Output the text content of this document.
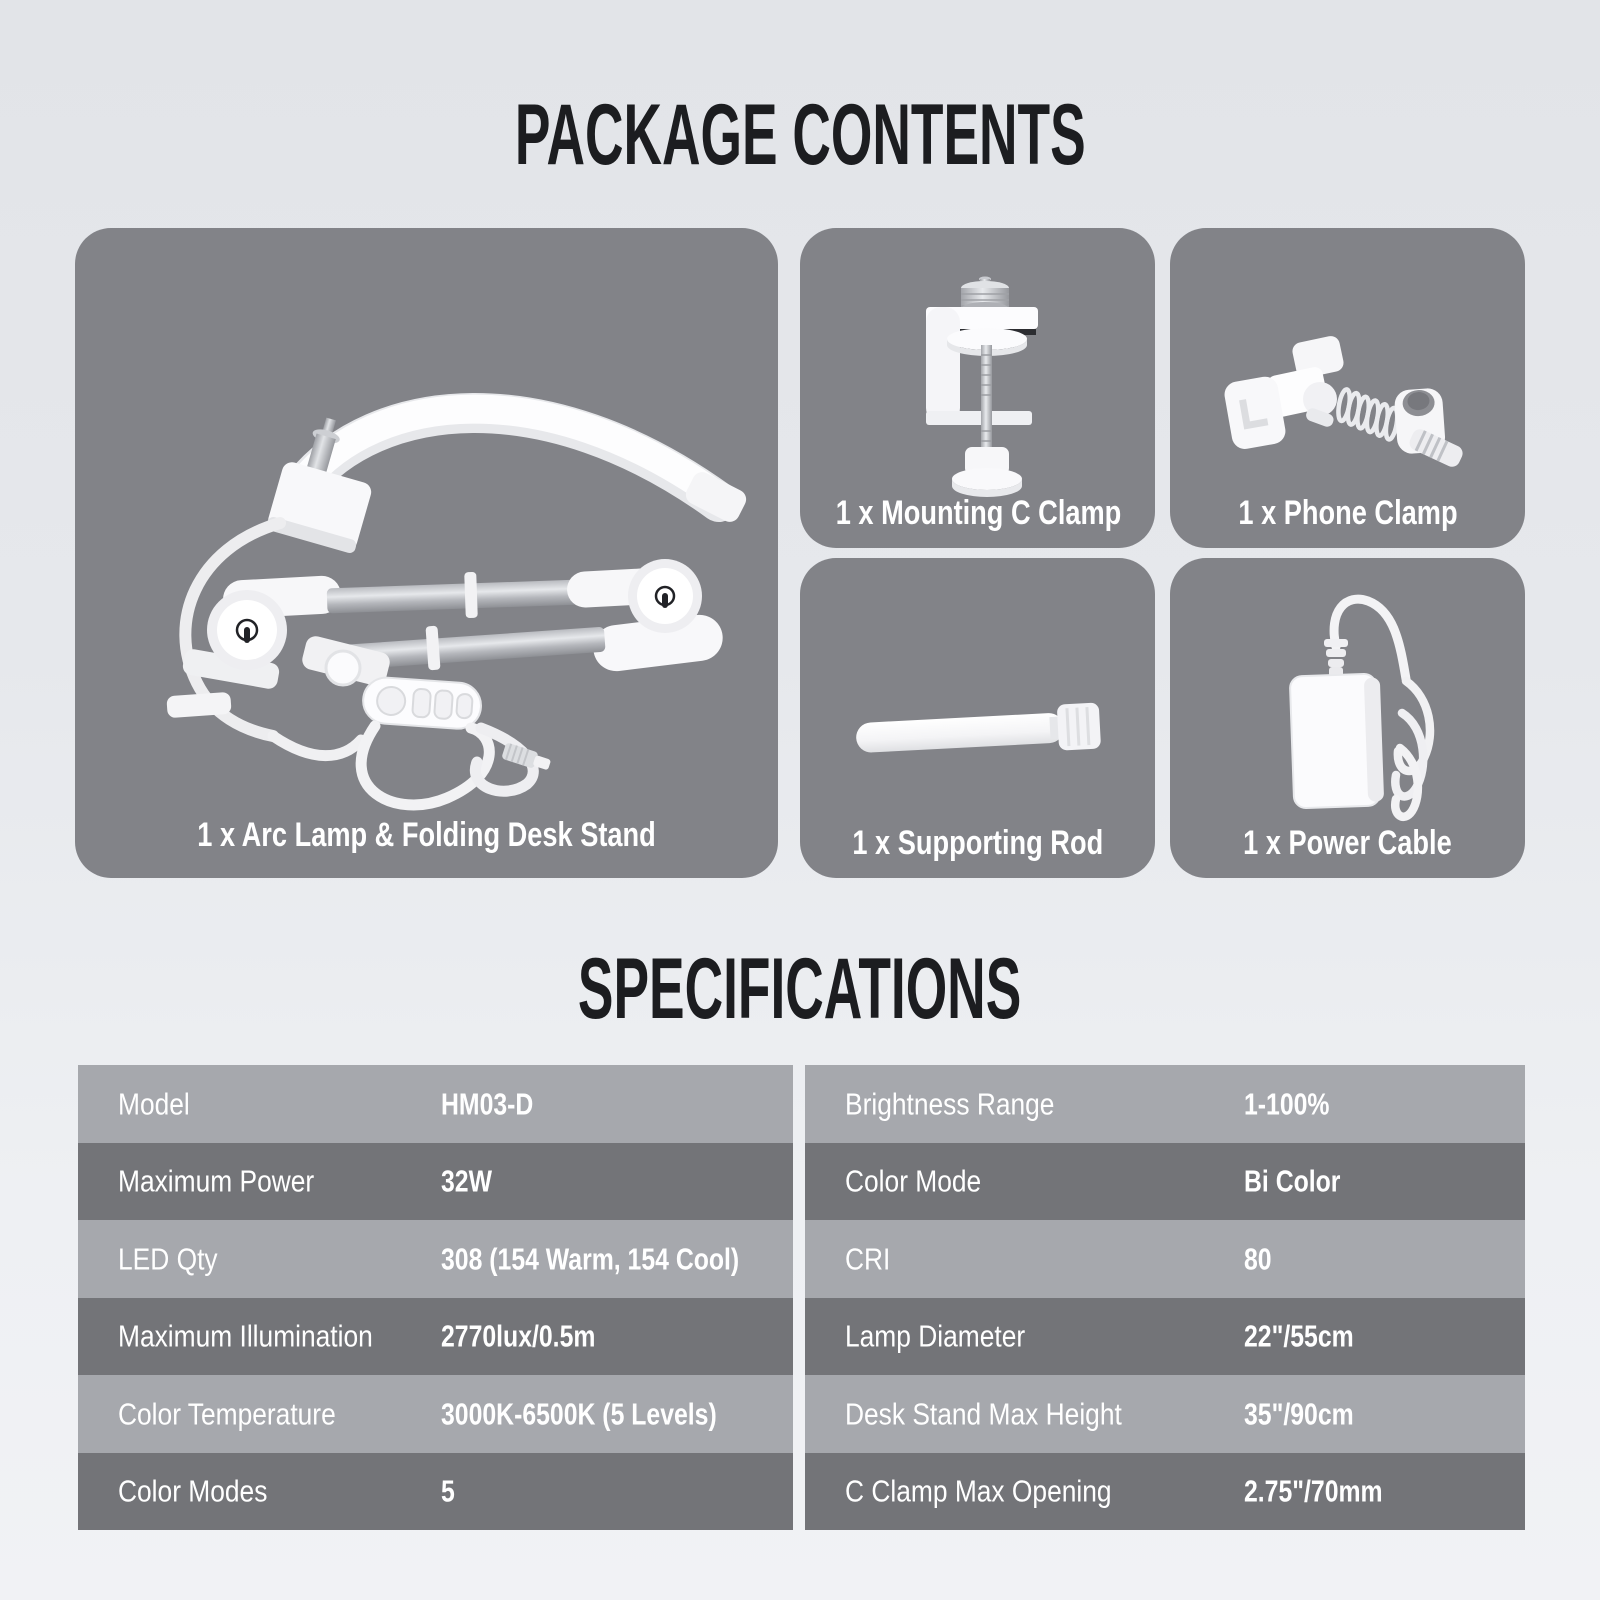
PACKAGE CONTENTS
1 x Arc Lamp & Folding Desk Stand
1 x Mounting C Clamp	1 x Phone Clamp
1 x Supporting Rod	1 x Power Cable
SPECIFICATIONS
Model	HM03-D
Maximum Power	32W
LED Qty	308 (154 Warm, 154 Cool)
Maximum Illumination	2770lux/0.5m
Color Temperature	3000K-6500K (5 Levels)
Color Modes	5
Brightness Range	1-100%
Color Mode	Bi Color
CRI	80
Lamp Diameter	22"/55cm
Desk Stand Max Height	35"/90cm
C Clamp Max Opening	2.75"/70mm
